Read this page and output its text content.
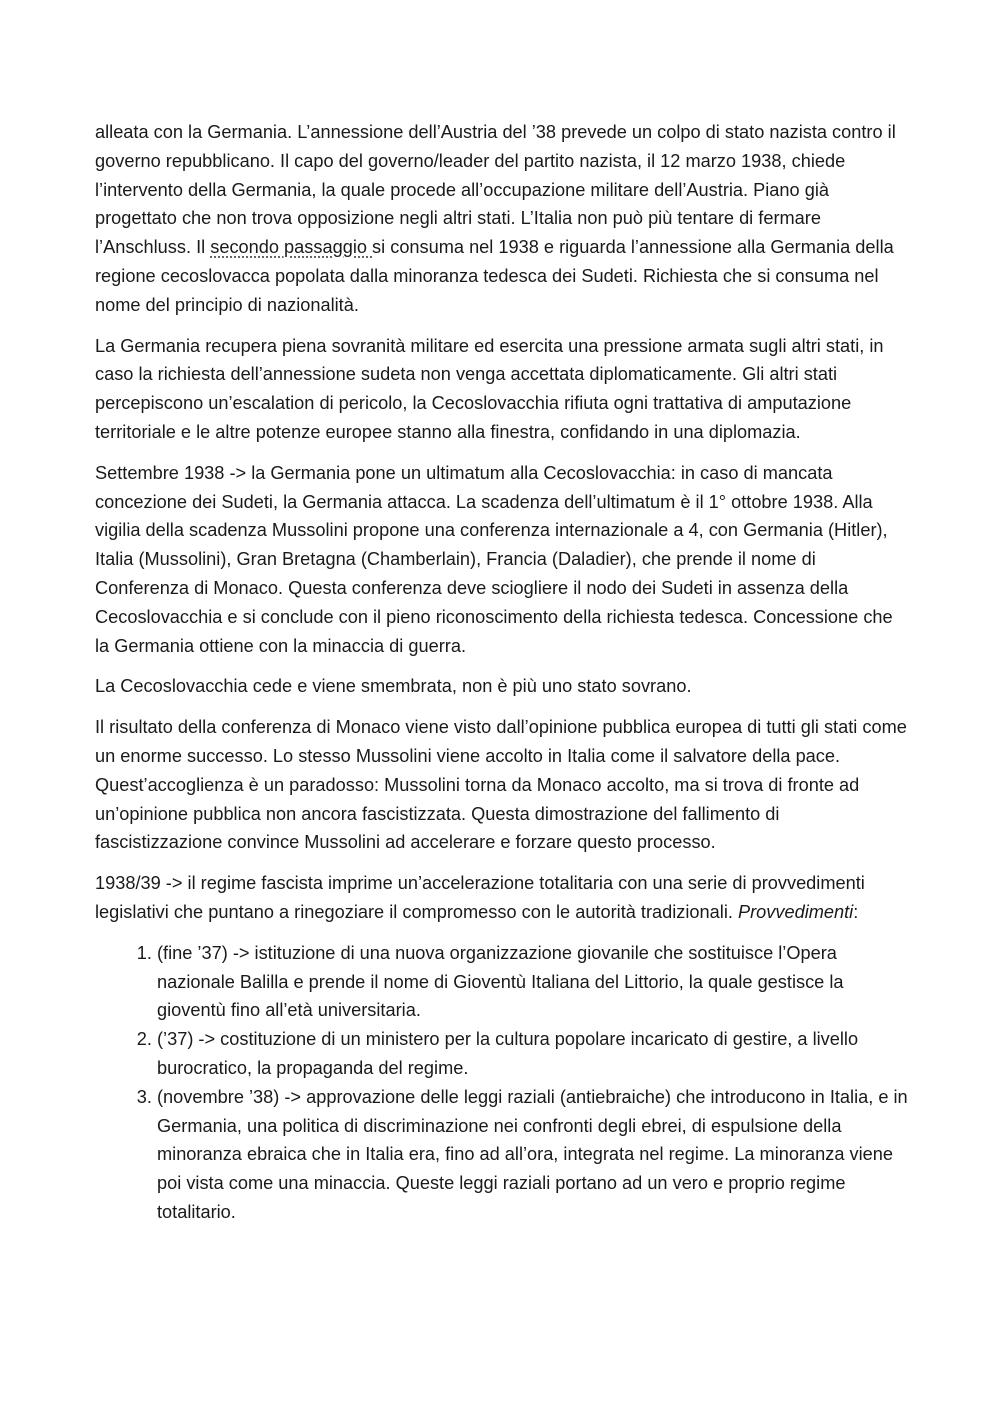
alleata con la Germania. L’annessione dell’Austria del ’38 prevede un colpo di stato nazista contro il governo repubblicano. Il capo del governo/leader del partito nazista, il 12 marzo 1938, chiede l’intervento della Germania, la quale procede all’occupazione militare dell’Austria. Piano già progettato che non trova opposizione negli altri stati. L’Italia non può più tentare di fermare l’Anschluss. Il secondo passaggio si consuma nel 1938 e riguarda l’annessione alla Germania della regione cecoslovacca popolata dalla minoranza tedesca dei Sudeti. Richiesta che si consuma nel nome del principio di nazionalità.

La Germania recupera piena sovranità militare ed esercita una pressione armata sugli altri stati, in caso la richiesta dell’annessione sudeta non venga accettata diplomaticamente. Gli altri stati percepiscono un’escalation di pericolo, la Cecoslovacchia rifiuta ogni trattativa di amputazione territoriale e le altre potenze europee stanno alla finestra, confidando in una diplomazia.

Settembre 1938 -> la Germania pone un ultimatum alla Cecoslovacchia: in caso di mancata concezione dei Sudeti, la Germania attacca. La scadenza dell’ultimatum è il 1° ottobre 1938. Alla vigilia della scadenza Mussolini propone una conferenza internazionale a 4, con Germania (Hitler), Italia (Mussolini), Gran Bretagna (Chamberlain), Francia (Daladier), che prende il nome di Conferenza di Monaco. Questa conferenza deve sciogliere il nodo dei Sudeti in assenza della Cecoslovacchia e si conclude con il pieno riconoscimento della richiesta tedesca. Concessione che la Germania ottiene con la minaccia di guerra.

La Cecoslovacchia cede e viene smembrata, non è più uno stato sovrano.

Il risultato della conferenza di Monaco viene visto dall’opinione pubblica europea di tutti gli stati come un enorme successo. Lo stesso Mussolini viene accolto in Italia come il salvatore della pace. Quest’accoglienza è un paradosso: Mussolini torna da Monaco accolto, ma si trova di fronte ad un’opinione pubblica non ancora fascistizzata. Questa dimostrazione del fallimento di fascistizzazione convince Mussolini ad accelerare e forzare questo processo.

1938/39 -> il regime fascista imprime un’accelerazione totalitaria con una serie di provvedimenti legislativi che puntano a rinegoziare il compromesso con le autorità tradizionali. Provvedimenti:

1. (fine ’37) -> istituzione di una nuova organizzazione giovanile che sostituisce l’Opera nazionale Balilla e prende il nome di Gioventù Italiana del Littorio, la quale gestisce la gioventù fino all’età universitaria.
2. (’37) -> costituzione di un ministero per la cultura popolare incaricato di gestire, a livello burocratico, la propaganda del regime.
3. (novembre ’38) -> approvazione delle leggi raziali (antiebraiche) che introducono in Italia, e in Germania, una politica di discriminazione nei confronti degli ebrei, di espulsione della minoranza ebraica che in Italia era, fino ad all’ora, integrata nel regime. La minoranza viene poi vista come una minaccia. Queste leggi raziali portano ad un vero e proprio regime totalitario.
